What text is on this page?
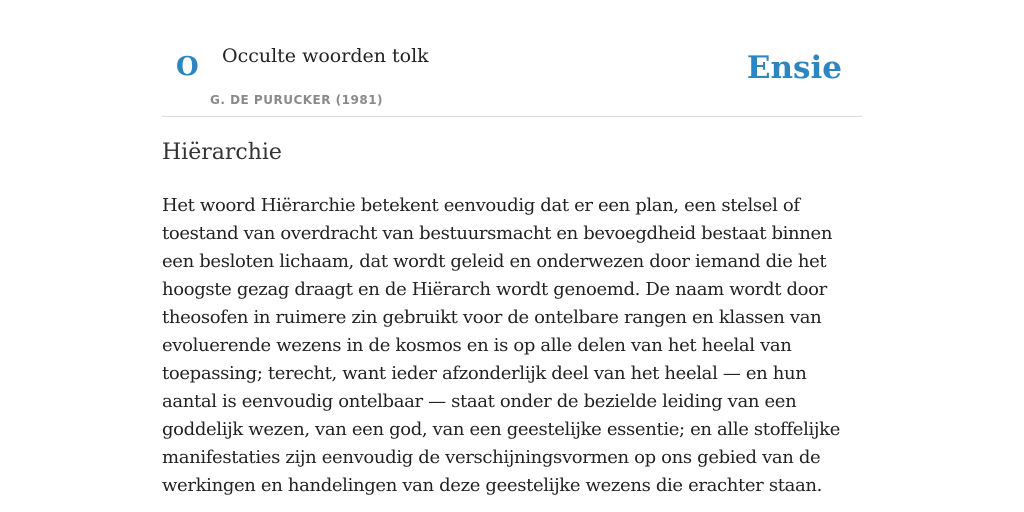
O Occulte woorden tolk
G. DE PURUCKER (1981)
Ensie
Hiërarchie

Het woord Hiërarchie betekent eenvoudig dat er een plan, een stelsel of toestand van overdracht van bestuursmacht en bevoegdheid bestaat binnen een besloten lichaam, dat wordt geleid en onderwezen door iemand die het hoogste gezag draagt en de Hiërarch wordt genoemd. De naam wordt door theosofen in ruimere zin gebruikt voor de ontelbare rangen en klassen van evoluerende wezens in de kosmos en is op alle delen van het heelal van toepassing; terecht, want ieder afzonderlijk deel van het heelal — en hun aantal is eenvoudig ontelbaar — staat onder de bezielde leiding van een goddelijk wezen, van een god, van een geestelijke essentie; en alle stoffelijke manifestaties zijn eenvoudig de verschijningsvormen op ons gebied van de werkingen en handelingen van deze geestelijke wezens die erachter staan.
